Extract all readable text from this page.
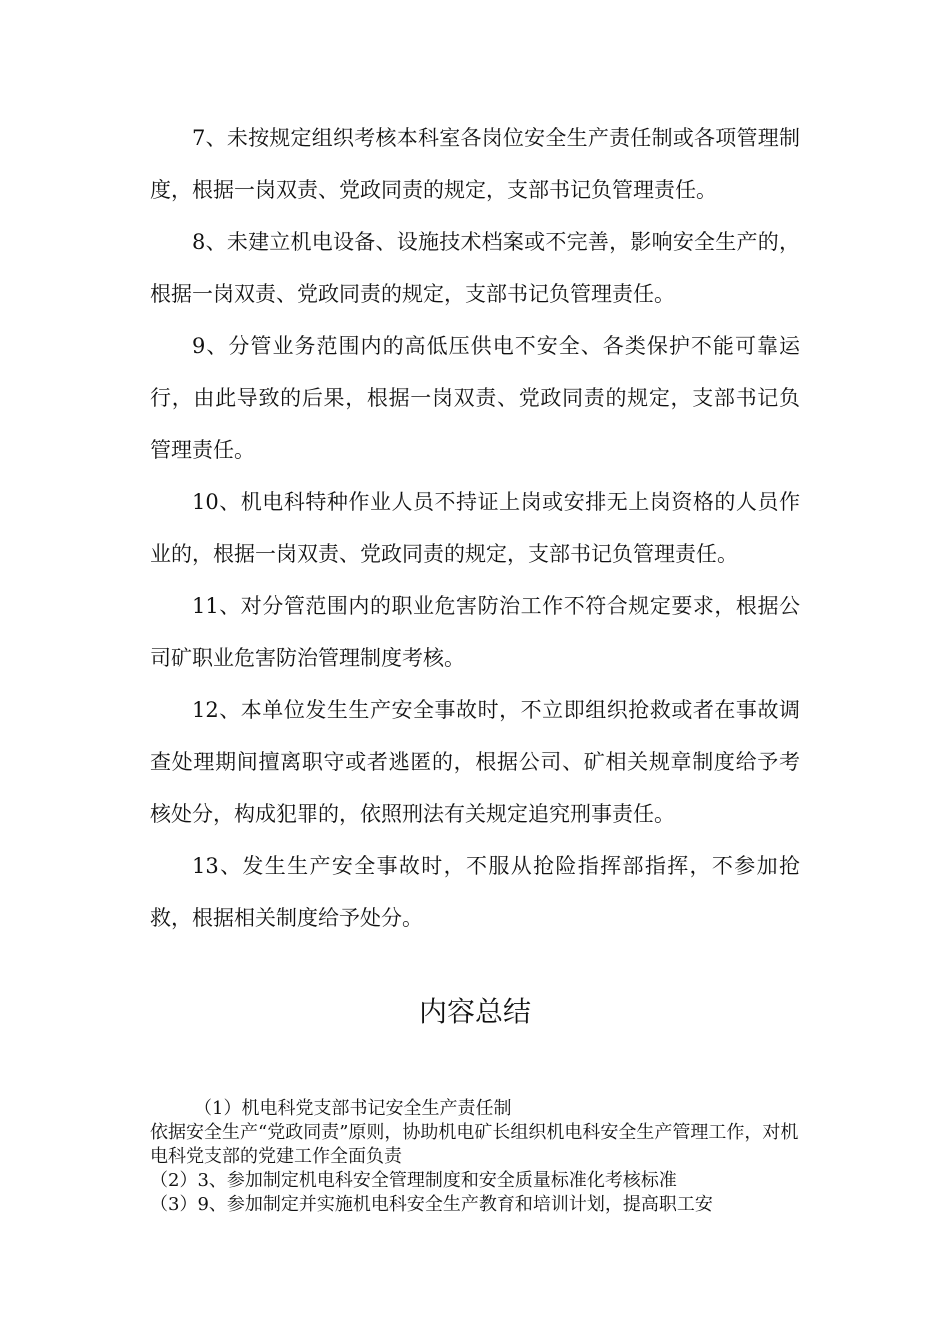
7、未按规定组织考核本科室各岗位安全生产责任制或各项管理制度，根据一岗双责、党政同责的规定，支部书记负管理责任。

8、未建立机电设备、设施技术档案或不完善，影响安全生产的，根据一岗双责、党政同责的规定，支部书记负管理责任。

9、分管业务范围内的高低压供电不安全、各类保护不能可靠运行，由此导致的后果，根据一岗双责、党政同责的规定，支部书记负管理责任。

10、机电科特种作业人员不持证上岗或安排无上岗资格的人员作业的，根据一岗双责、党政同责的规定，支部书记负管理责任。

11、对分管范围内的职业危害防治工作不符合规定要求，根据公司矿职业危害防治管理制度考核。

12、本单位发生生产安全事故时，不立即组织抢救或者在事故调查处理期间擅离职守或者逃匿的，根据公司、矿相关规章制度给予考核处分，构成犯罪的，依照刑法有关规定追究刑事责任。

13、发生生产安全事故时，不服从抢险指挥部指挥，不参加抢救，根据相关制度给予处分。

内容总结

（1）机电科党支部书记安全生产责任制

依据安全生产“党政同责”原则，协助机电矿长组织机电科安全生产管理工作，对机电科党支部的党建工作全面负责

（2）3、参加制定机电科安全管理制度和安全质量标准化考核标准

（3）9、参加制定并实施机电科安全生产教育和培训计划，提高职工安
